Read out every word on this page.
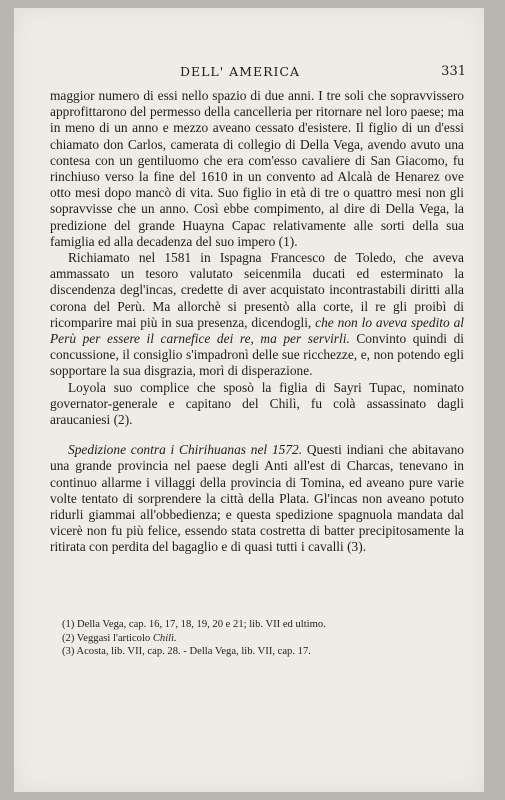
DELL' AMERICA	331

maggior numero di essi nello spazio di due anni. I tre soli che sopravvissero approfittarono del permesso della cancelleria per ritornare nel loro paese; ma in meno di un anno e mezzo aveano cessato d'esistere. Il figlio di un d'essi chiamato don Carlos, camerata di collegio di Della Vega, avendo avuto una contesa con un gentiluomo che era com'esso cavaliere di San Giacomo, fu rinchiuso verso la fine del 1610 in un convento ad Alcalà de Henarez ove otto mesi dopo mancò di vita. Suo figlio in età di tre o quattro mesi non gli sopravvisse che un anno. Così ebbe compimento, al dire di Della Vega, la predizione del grande Huayna Capac relativamente alle sorti della sua famiglia ed alla decadenza del suo impero (1).

Richiamato nel 1581 in Ispagna Francesco de Toledo, che aveva ammassato un tesoro valutato seicenmila ducati ed esterminato la discendenza degl'incas, credette di aver acquistato incontrastabili diritti alla corona del Perù. Ma allorchè si presentò alla corte, il re gli proibì di ricomparire mai più in sua presenza, dicendogli, che non lo aveva spedito al Perù per essere il carnefice dei re, ma per servirli. Convinto quindi di concussione, il consiglio s'impadronì delle sue ricchezze, e, non potendo egli sopportare la sua disgrazia, morì di disperazione.

Loyola suo complice che sposò la figlia di Sayri Tupac, nominato governator-generale e capitano del Chilì, fu colà assassinato dagli araucaniesi (2).

Spedizione contra i Chirihuanas nel 1572. Questi indiani che abitavano una grande provincia nel paese degli Anti all'est di Charcas, tenevano in continuo allarme i villaggi della provincia di Tomina, ed aveano pure varie volte tentato di sorprendere la città della Plata. Gl'incas non aveano potuto ridurli giammai all'obbedienza; e questa spedizione spagnuola mandata dal vicerè non fu più felice, essendo stata costretta di batter precipitosamente la ritirata con perdita del bagaglio e di quasi tutti i cavalli (3).

(1) Della Vega, cap. 16, 17, 18, 19, 20 e 21; lib. VII ed ultimo.

(2) Veggasi l'articolo Chilì.

(3) Acosta, lib. VII, cap. 28. - Della Vega, lib. VII, cap. 17.
